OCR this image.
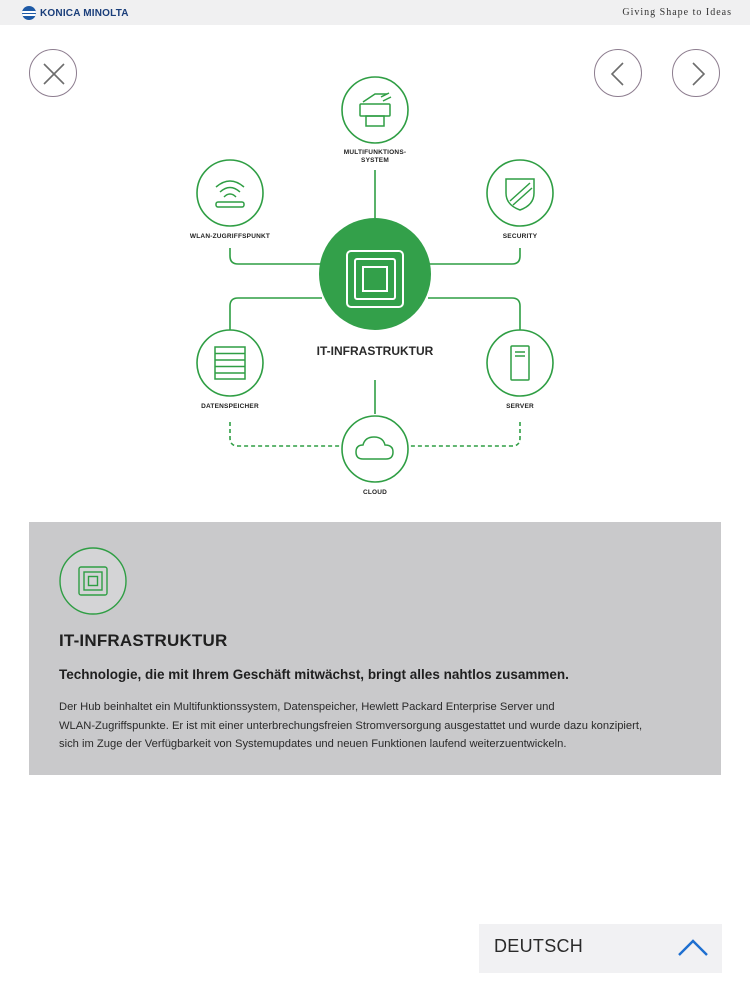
KONICA MINOLTA	Giving Shape to Ideas
MULTIFUNKTIONS-
SYSTEM
WLAN-ZUGRIFFSPUNKT	SECURITY
IT-INFRASTRUKTUR
DATENSPEICHER	SERVER
CLOUD
IT-INFRASTRUKTUR
Technologie, die mit Ihrem Geschäft mitwächst, bringt alles nahtlos zusammen.
Der Hub beinhaltet ein Multifunktionssystem, Datenspeicher, Hewlett Packard Enterprise Server und
WLAN-Zugriffspunkte. Er ist mit einer unterbrechungsfreien Stromversorgung ausgestattet und wurde dazu konzipiert,
sich im Zuge der Verfügbarkeit von Systemupdates und neuen Funktionen laufend weiterzuentwickeln.
DEUTSCH
